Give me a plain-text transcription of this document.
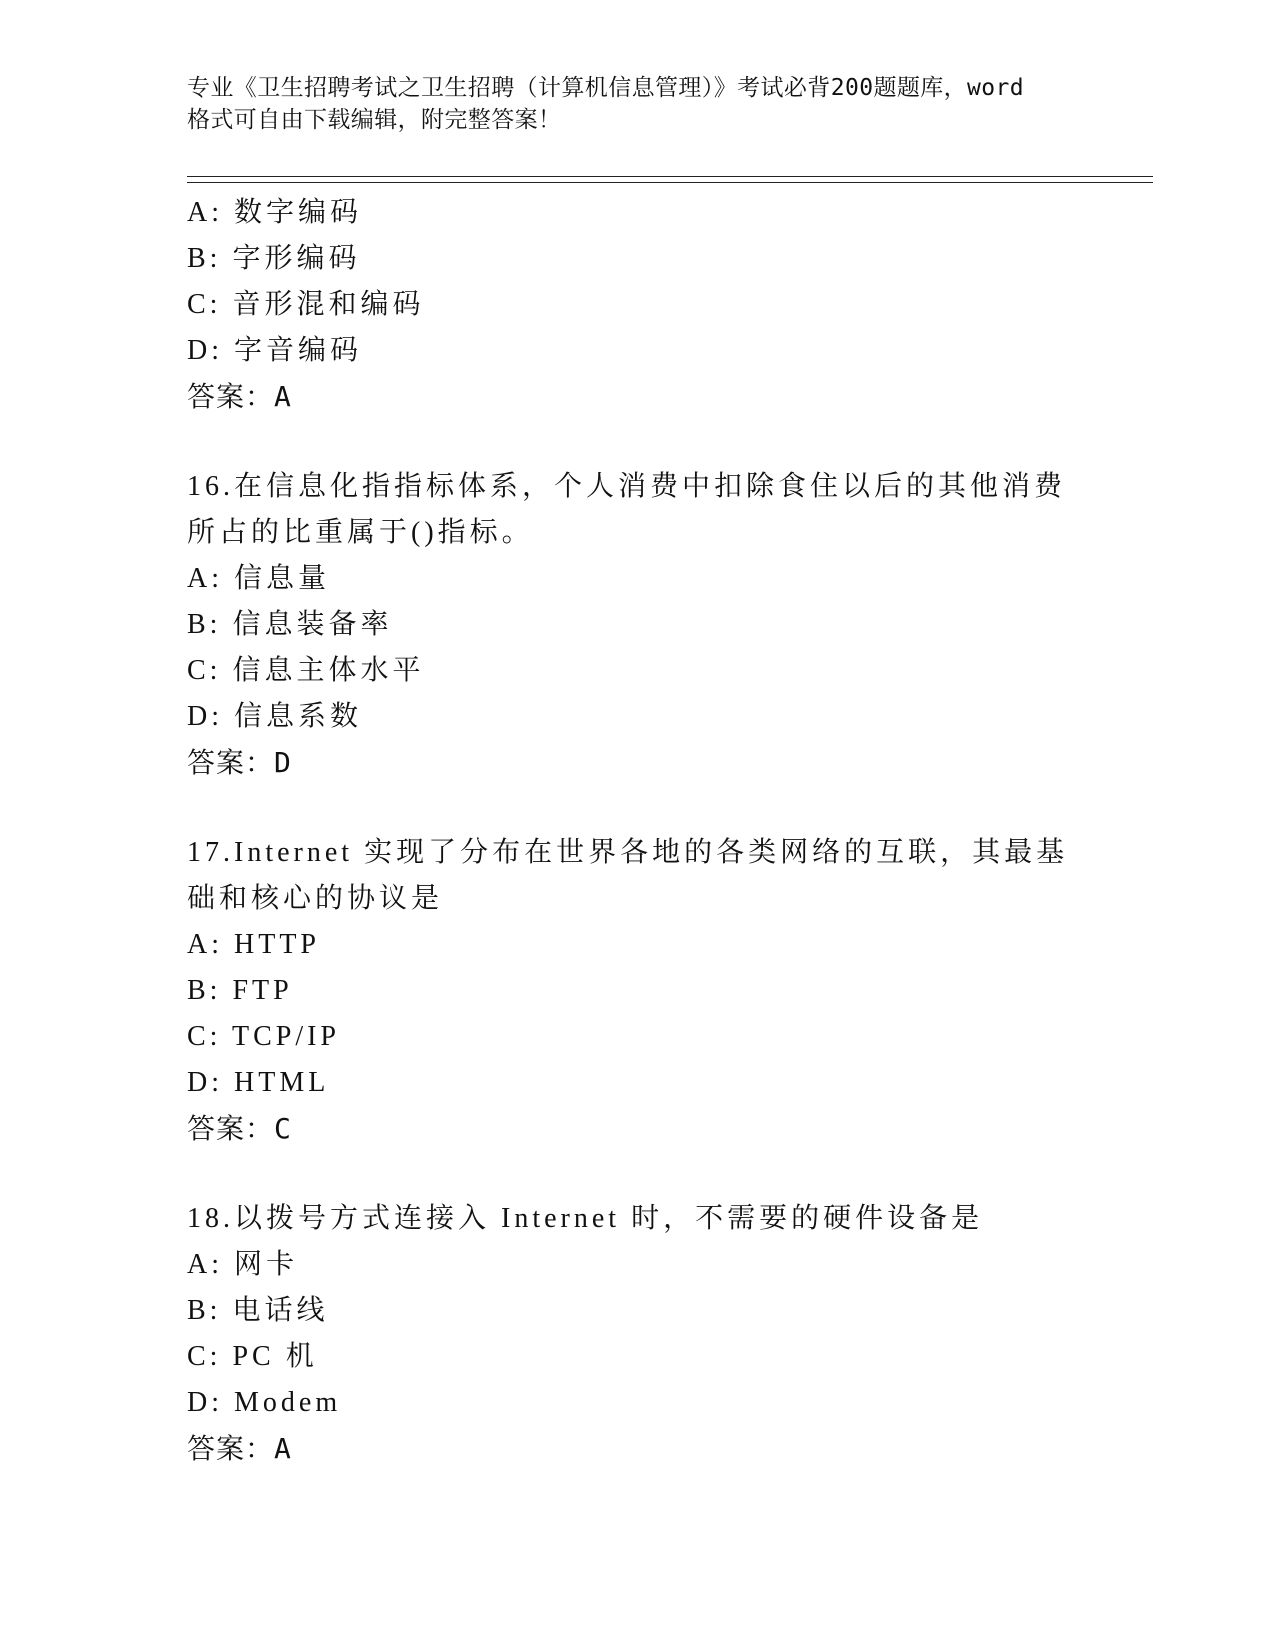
专业《卫生招聘考试之卫生招聘（计算机信息管理）》考试必背200题题库，word
格式可自由下载编辑，附完整答案！
A: 数字编码
B: 字形编码
C: 音形混和编码
D: 字音编码
答案：A
16.在信息化指指标体系，个人消费中扣除食住以后的其他消费所占的比重属于()指标。
A: 信息量
B: 信息装备率
C: 信息主体水平
D: 信息系数
答案：D
17.Internet 实现了分布在世界各地的各类网络的互联，其最基础和核心的协议是
A: HTTP
B: FTP
C: TCP/IP
D: HTML
答案：C
18.以拨号方式连接入 Internet 时，不需要的硬件设备是
A: 网卡
B: 电话线
C: PC 机
D: Modem
答案：A
